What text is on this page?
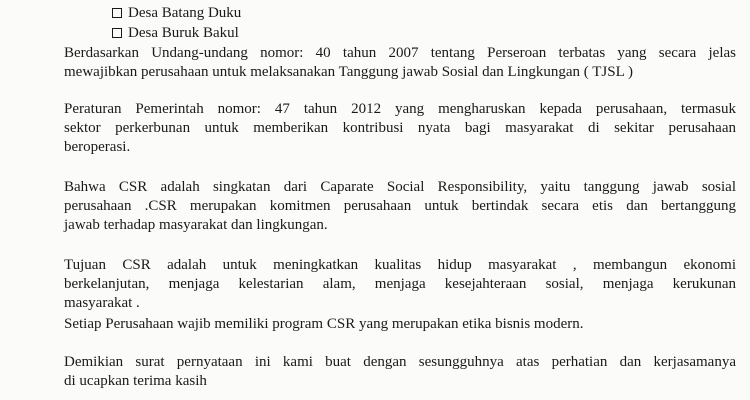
Desa Batang Duku
Desa Buruk Bakul

Berdasarkan Undang-undang nomor: 40 tahun 2007 tentang Perseroan terbatas yang secara jelas
mewajibkan perusahaan untuk melaksanakan Tanggung jawab Sosial dan Lingkungan ( TJSL )

Peraturan Pemerintah nomor: 47 tahun 2012 yang mengharuskan kepada perusahaan, termasuk
sektor perkerbunan untuk memberikan kontribusi nyata bagi masyarakat di sekitar perusahaan
beroperasi.

Bahwa CSR adalah singkatan dari Caparate Social Responsibility, yaitu tanggung jawab sosial
perusahaan .CSR merupakan komitmen perusahaan untuk bertindak secara etis dan bertanggung
jawab terhadap masyarakat dan lingkungan.

Tujuan CSR adalah untuk meningkatkan kualitas hidup masyarakat , membangun ekonomi
berkelanjutan, menjaga kelestarian alam, menjaga kesejahteraan sosial, menjaga kerukunan
masyarakat .

Setiap Perusahaan wajib memiliki program CSR yang merupakan etika bisnis modern.

Demikian surat pernyataan ini kami buat dengan sesungguhnya atas perhatian dan kerjasamanya
di ucapkan terima kasih
